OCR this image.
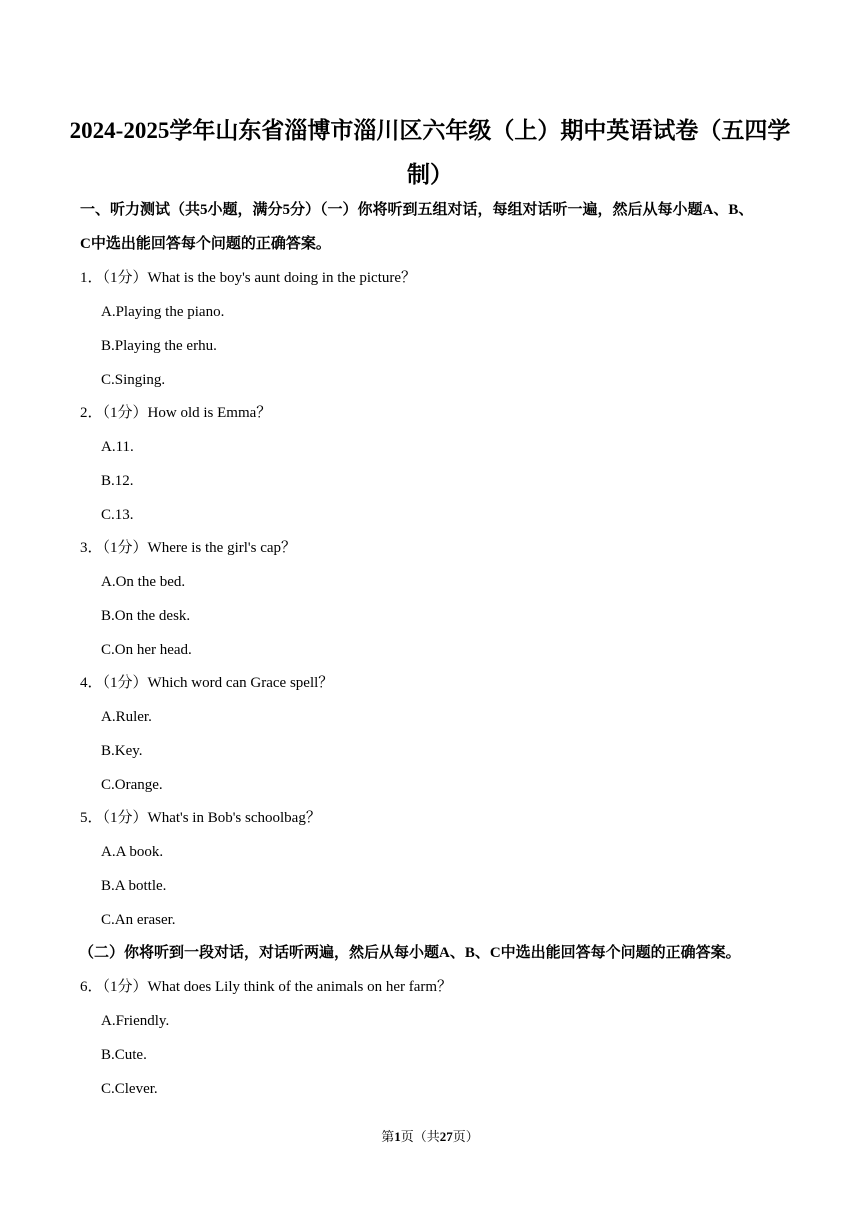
2024-2025学年山东省淄博市淄川区六年级（上）期中英语试卷（五四学
制）

一、听力测试（共5小题，满分5分）（一）你将听到五组对话，每组对话听一遍，然后从每小题A、B、
C中选出能回答每个问题的正确答案。

1．（1分）What is the boy's aunt doing in the picture？
A.Playing the piano.
B.Playing the erhu.
C.Singing.
2．（1分）How old is Emma？
A.11.
B.12.
C.13.
3．（1分）Where is the girl's cap？
A.On the bed.
B.On the desk.
C.On her head.
4．（1分）Which word can Grace spell？
A.Ruler.
B.Key.
C.Orange.
5．（1分）What's in Bob's schoolbag？
A.A book.
B.A bottle.
C.An eraser.

（二）你将听到一段对话，对话听两遍，然后从每小题A、B、C中选出能回答每个问题的正确答案。

6．（1分）What does Lily think of the animals on her farm？
A.Friendly.
B.Cute.
C.Clever.
第1页（共27页）
